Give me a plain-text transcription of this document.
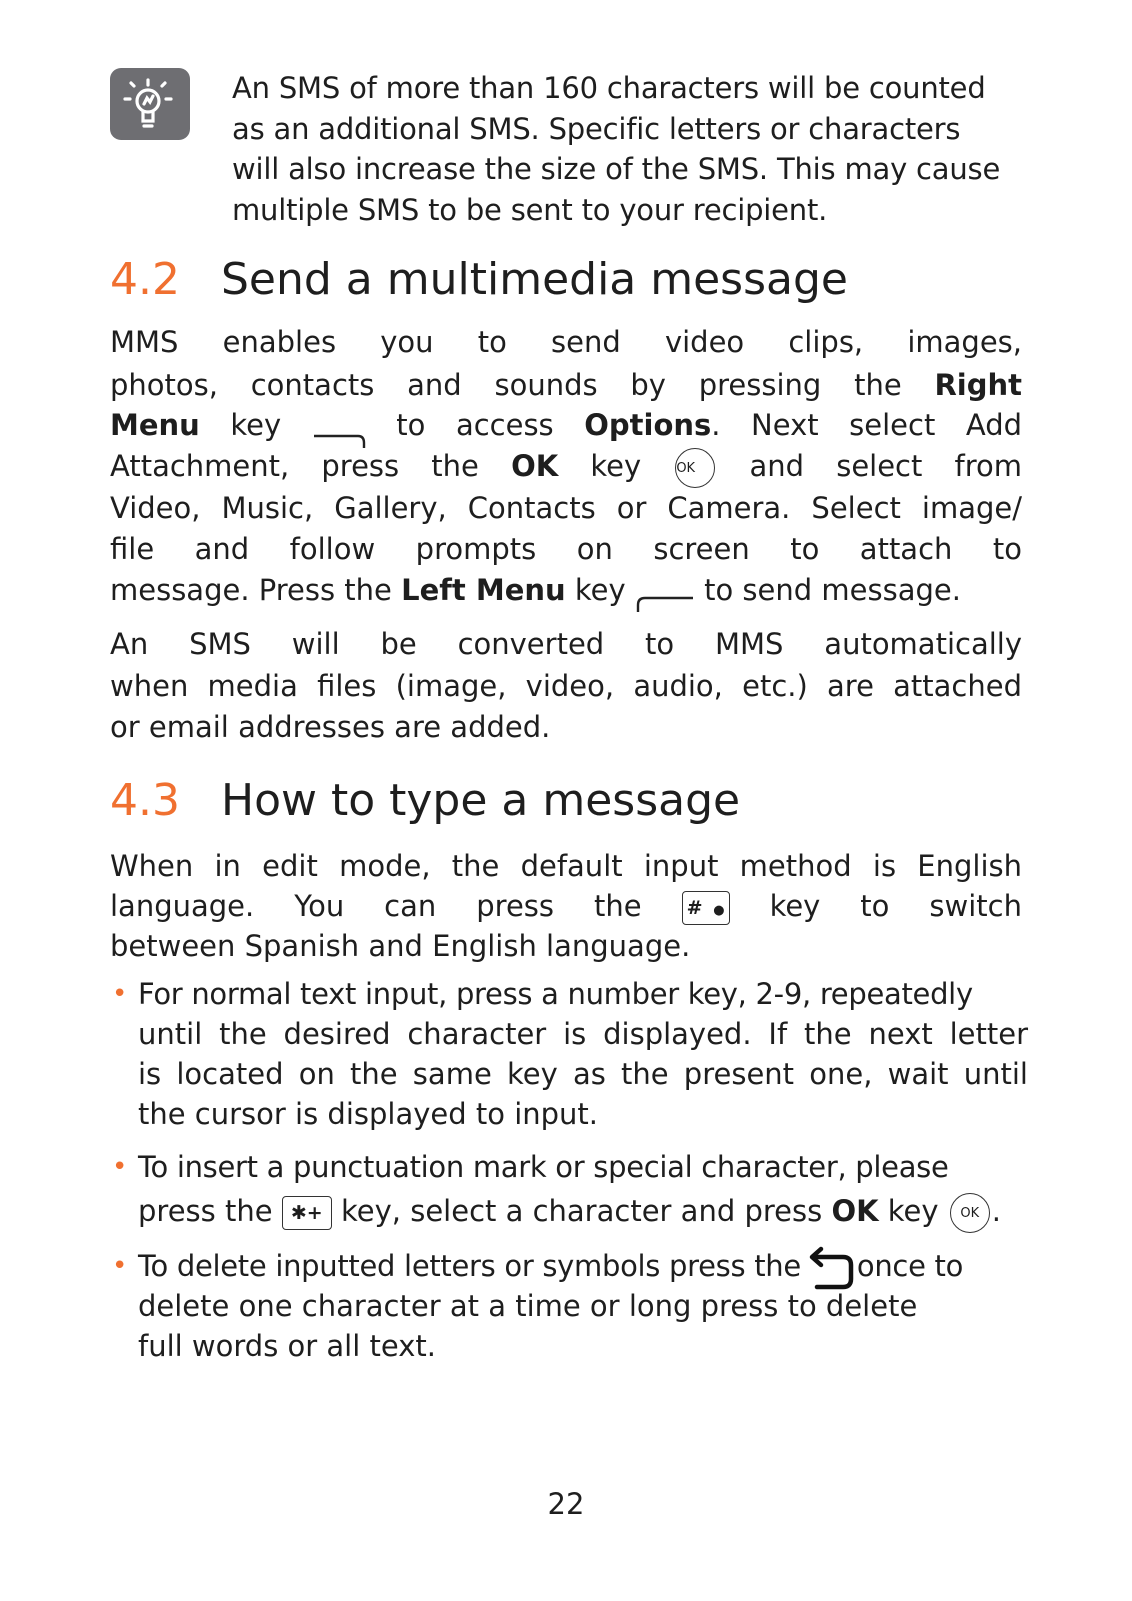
An SMS of more than 160 characters will be counted
as an additional SMS. Specific letters or characters
will also increase the size of the SMS. This may cause
multiple SMS to be sent to your recipient.
4.2 Send a multimedia message
MMS enables you to send video clips, images,
photos, contacts and sounds by pressing the Right
Menu key	to access Options. Next select Add
Attachment, press the OK key	OK and select from
Video, Music, Gallery, Contacts or Camera. Select image/
file and follow prompts on screen to attach to
message. Press the Left Menu key	to send message.
An SMS will be converted to MMS automatically
when media files (image, video, audio, etc.) are attached
or email addresses are added.
4.3 How to type a message
When in edit mode, the default input method is English
language. You can press the #● key to switch
between Spanish and English language.
• For normal text input, press a number key, 2-9, repeatedly
until the desired character is displayed. If the next letter
is located on the same key as the present one, wait until
the cursor is displayed to input.
• To insert a punctuation mark or special character, please
press the ✱+ key, select a character and press OK key OK .
• To delete inputted letters or symbols press the once to
delete one character at a time or long press to delete
full words or all text.
22
